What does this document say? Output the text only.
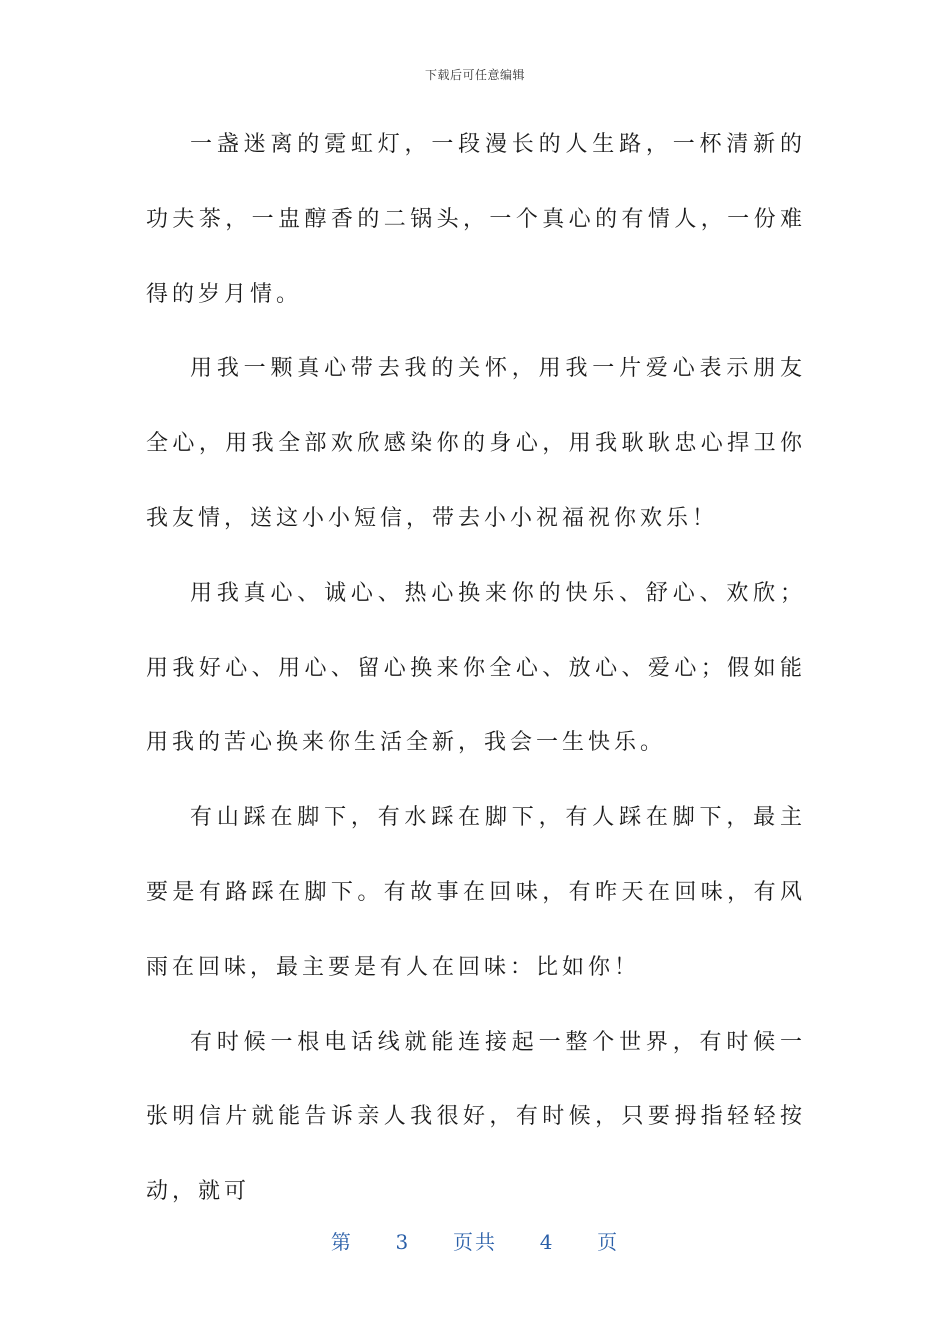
下载后可任意编辑

一盏迷离的霓虹灯，一段漫长的人生路，一杯清新的功夫茶，一盅醇香的二锅头，一个真心的有情人，一份难得的岁月情。

用我一颗真心带去我的关怀，用我一片爱心表示朋友全心，用我全部欢欣感染你的身心，用我耿耿忠心捍卫你我友情，送这小小短信，带去小小祝福祝你欢乐！

用我真心、诚心、热心换来你的快乐、舒心、欢欣；用我好心、用心、留心换来你全心、放心、爱心；假如能用我的苦心换来你生活全新，我会一生快乐。

有山踩在脚下，有水踩在脚下，有人踩在脚下，最主要是有路踩在脚下。有故事在回味，有昨天在回味，有风雨在回味，最主要是有人在回味：比如你！

有时候一根电话线就能连接起一整个世界，有时候一张明信片就能告诉亲人我很好，有时候，只要拇指轻轻按动，就可

第 3 页共 4 页
